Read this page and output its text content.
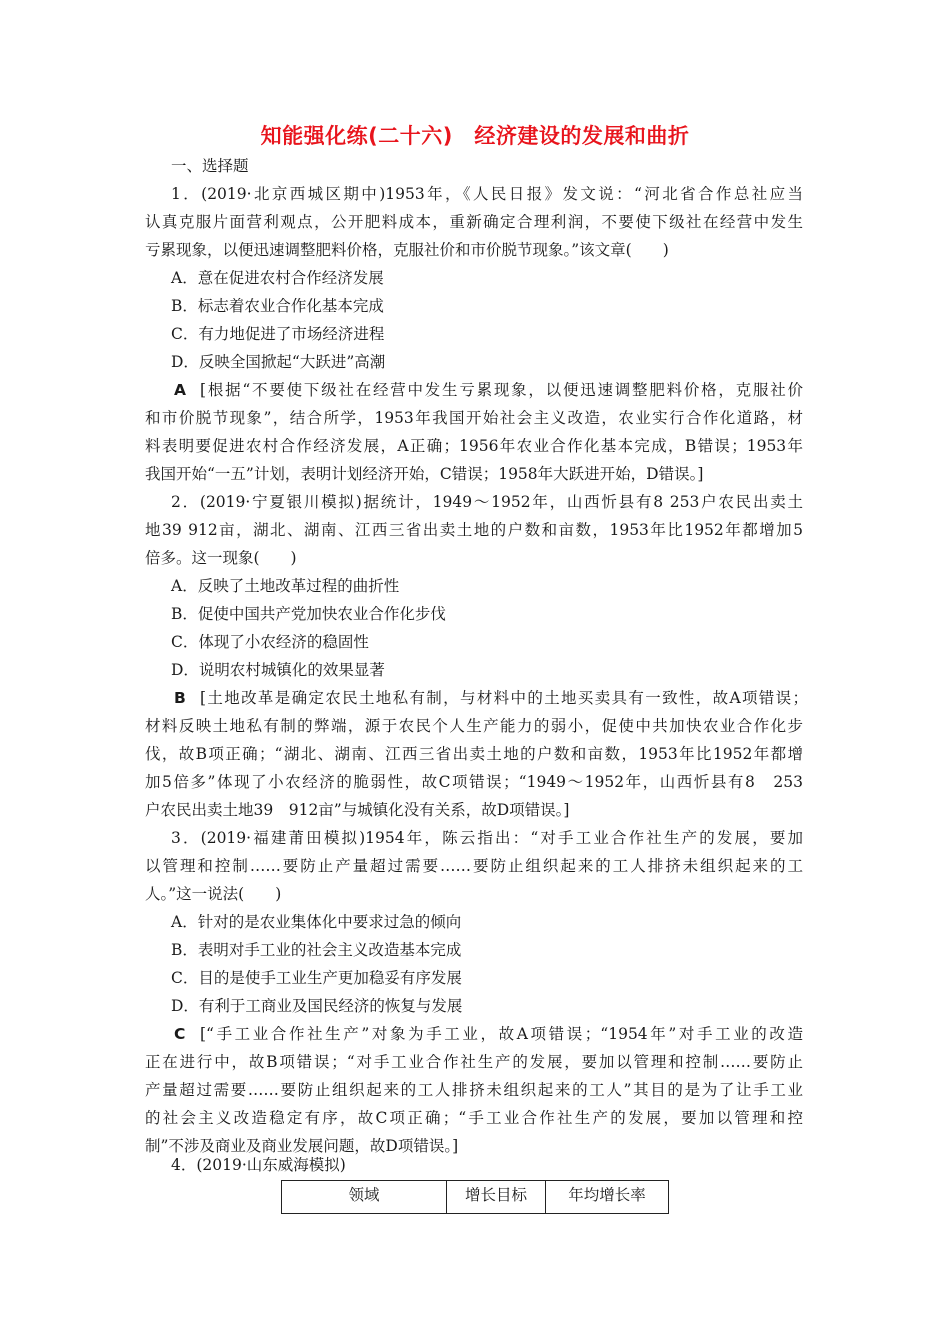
知能强化练(二十六)　经济建设的发展和曲折
一、选择题
1．(2019·北京西城区期中)1953年，《人民日报》发文说：“河北省合作总社应当
认真克服片面营利观点，公开肥料成本，重新确定合理利润，不要使下级社在经营中发生
亏累现象，以便迅速调整肥料价格，克服社价和市价脱节现象。”该文章(　　)
A．意在促进农村合作经济发展
B．标志着农业合作化基本完成
C．有力地促进了市场经济进程
D．反映全国掀起“大跃进”高潮
A [根据“不要使下级社在经营中发生亏累现象，以便迅速调整肥料价格，克服社价
和市价脱节现象”，结合所学，1953年我国开始社会主义改造，农业实行合作化道路，材
料表明要促进农村合作经济发展，A正确；1956年农业合作化基本完成，B错误；1953年
我国开始“一五”计划，表明计划经济开始，C错误；1958年大跃进开始，D错误。]
2．(2019·宁夏银川模拟)据统计，1949～1952年，山西忻县有8 253户农民出卖土
地39 912亩，湖北、湖南、江西三省出卖土地的户数和亩数，1953年比1952年都增加5
倍多。这一现象(　　)
A．反映了土地改革过程的曲折性
B．促使中国共产党加快农业合作化步伐
C．体现了小农经济的稳固性
D．说明农村城镇化的效果显著
B [土地改革是确定农民土地私有制，与材料中的土地买卖具有一致性，故A项错误；
材料反映土地私有制的弊端，源于农民个人生产能力的弱小，促使中共加快农业合作化步
伐，故B项正确；“湖北、湖南、江西三省出卖土地的户数和亩数，1953年比1952年都增
加5倍多”体现了小农经济的脆弱性，故C项错误；“1949～1952年，山西忻县有8　253
户农民出卖土地39　912亩”与城镇化没有关系，故D项错误。]
3．(2019·福建莆田模拟)1954年，陈云指出：“对手工业合作社生产的发展，要加
以管理和控制……要防止产量超过需要……要防止组织起来的工人排挤未组织起来的工
人。”这一说法(　　)
A．针对的是农业集体化中要求过急的倾向
B．表明对手工业的社会主义改造基本完成
C．目的是使手工业生产更加稳妥有序发展
D．有利于工商业及国民经济的恢复与发展
C [“手工业合作社生产”对象为手工业，故A项错误；“1954年”对手工业的改造
正在进行中，故B项错误；“对手工业合作社生产的发展，要加以管理和控制……要防止
产量超过需要……要防止组织起来的工人排挤未组织起来的工人”其目的是为了让手工业
的社会主义改造稳定有序，故C项正确；“手工业合作社生产的发展，要加以管理和控
制”不涉及商业及商业发展问题，故D项错误。]
4．(2019·山东威海模拟)
领域	增长目标	年均增长率
